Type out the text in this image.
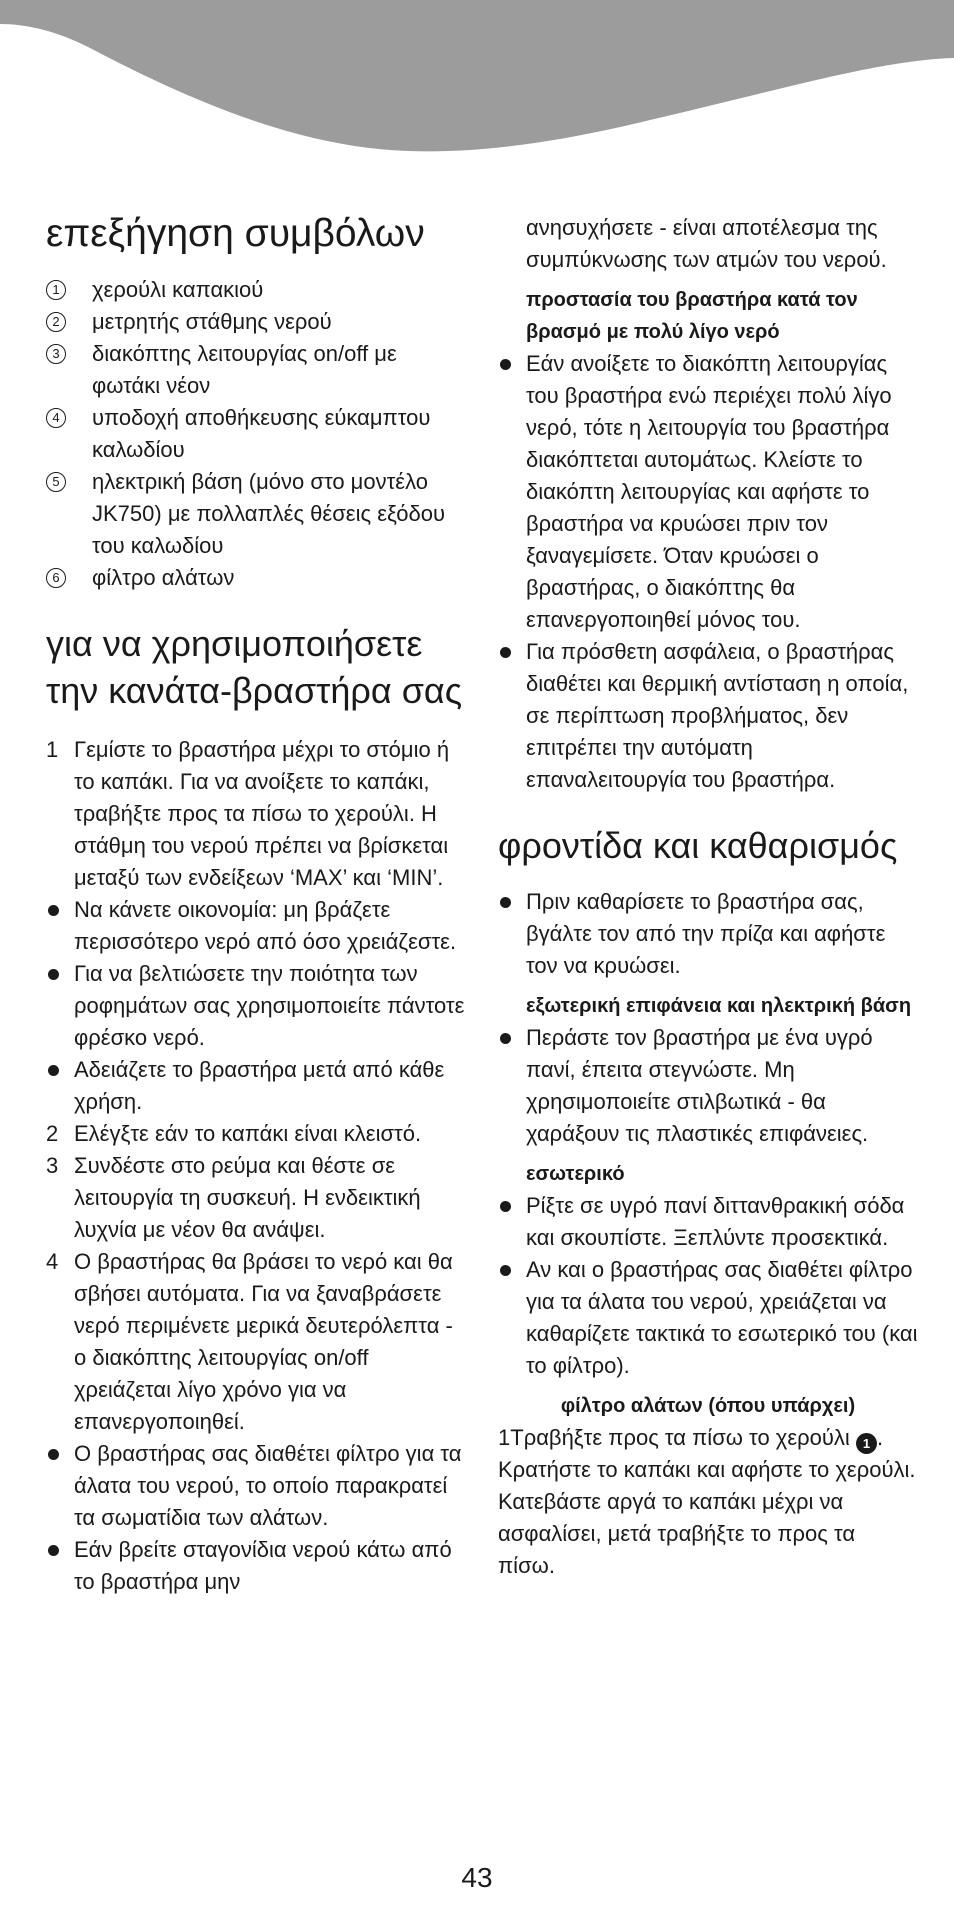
επεξήγηση συμβόλων
1 χερούλι καπακιού
2 μετρητής στάθμης νερού
3 διακόπτης λειτουργίας on/off με φωτάκι νέον
4 υποδοχή αποθήκευσης εύκαμπτου καλωδίου
5 ηλεκτρική βάση (μόνο στο μοντέλο JK750) με πολλαπλές θέσεις εξόδου του καλωδίου
6 φίλτρο αλάτων
για να χρησιμοποιήσετε την κανάτα-βραστήρα σας
1 Γεμίστε το βραστήρα μέχρι το στόμιο ή το καπάκι. Για να ανοίξετε το καπάκι, τραβήξτε προς τα πίσω το χερούλι. Η στάθμη του νερού πρέπει να βρίσκεται μεταξύ των ενδείξεων ‘MAX’ και ‘MIN’.
Να κάνετε οικονομία: μη βράζετε περισσότερο νερό από όσο χρειάζεστε.
Για να βελτιώσετε την ποιότητα των ροφημάτων σας χρησιμοποιείτε πάντοτε φρέσκο νερό.
Αδειάζετε το βραστήρα μετά από κάθε χρήση.
2 Ελέγξτε εάν το καπάκι είναι κλειστό.
3 Συνδέστε στο ρεύμα και θέστε σε λειτουργία τη συσκευή. Η ενδεικτική λυχνία με νέον θα ανάψει.
4 Ο βραστήρας θα βράσει το νερό και θα σβήσει αυτόματα. Για να ξαναβράσετε νερό περιμένετε μερικά δευτερόλεπτα - ο διακόπτης λειτουργίας on/off χρειάζεται λίγο χρόνο για να επανεργοποιηθεί.
Ο βραστήρας σας διαθέτει φίλτρο για τα άλατα του νερού, το οποίο παρακρατεί τα σωματίδια των αλάτων.
Εάν βρείτε σταγονίδια νερού κάτω από το βραστήρα μην

ανησυχήσετε - είναι αποτέλεσμα της συμπύκνωσης των ατμών του νερού.

προστασία του βραστήρα κατά τον βρασμό με πολύ λίγο νερό
Εάν ανοίξετε το διακόπτη λειτουργίας του βραστήρα ενώ περιέχει πολύ λίγο νερό, τότε η λειτουργία του βραστήρα διακόπτεται αυτομάτως. Κλείστε το διακόπτη λειτουργίας και αφήστε το βραστήρα να κρυώσει πριν τον ξαναγεμίσετε. Όταν κρυώσει ο βραστήρας, ο διακόπτης θα επανεργοποιηθεί μόνος του.
Για πρόσθετη ασφάλεια, ο βραστήρας διαθέτει και θερμική αντίσταση η οποία, σε περίπτωση προβλήματος, δεν επιτρέπει την αυτόματη επαναλειτουργία του βραστήρα.
φροντίδα και καθαρισμός
Πριν καθαρίσετε το βραστήρα σας, βγάλτε τον από την πρίζα και αφήστε τον να κρυώσει.
εξωτερική επιφάνεια και ηλεκτρική βάση
Περάστε τον βραστήρα με ένα υγρό πανί, έπειτα στεγνώστε. Μη χρησιμοποιείτε στιλβωτικά - θα χαράξουν τις πλαστικές επιφάνειες.
εσωτερικό
Ρίξτε σε υγρό πανί διττανθρακική σόδα και σκουπίστε. Ξεπλύντε προσεκτικά.
Αν και ο βραστήρας σας διαθέτει φίλτρο για τα άλατα του νερού, χρειάζεται να καθαρίζετε τακτικά το εσωτερικό του (και το φίλτρο).
φίλτρο αλάτων (όπου υπάρχει)

1Τραβήξτε προς τα πίσω το χερούλι 1 . Κρατήστε το καπάκι και αφήστε το χερούλι. Κατεβάστε αργά το καπάκι μέχρι να ασφαλίσει, μετά τραβήξτε το προς τα πίσω.

43
